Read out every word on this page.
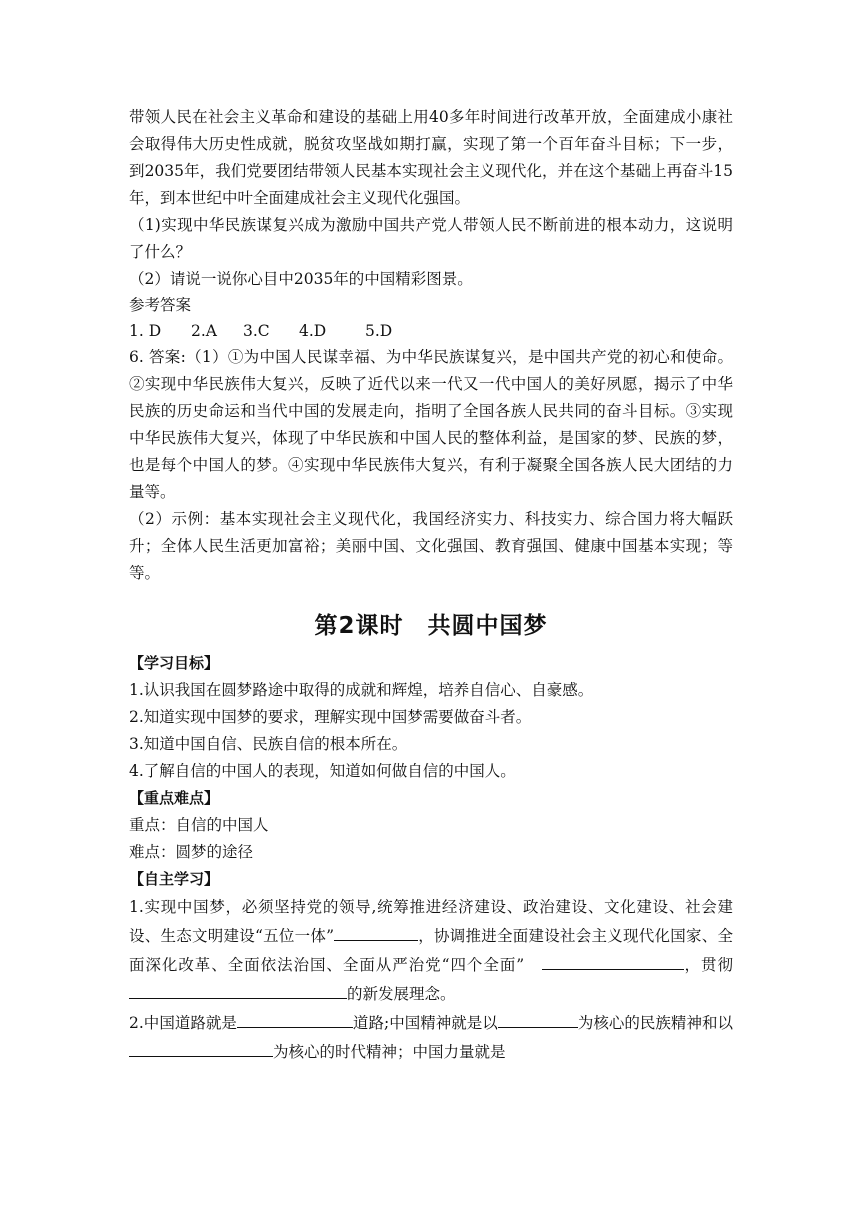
带领人民在社会主义革命和建设的基础上用40多年时间进行改革开放，全面建成小康社会取得伟大历史性成就，脱贫攻坚战如期打赢，实现了第一个百年奋斗目标；下一步，到2035年，我们党要团结带领人民基本实现社会主义现代化，并在这个基础上再奋斗15年，到本世纪中叶全面建成社会主义现代化强国。

（1)实现中华民族谋复兴成为激励中国共产党人带领人民不断前进的根本动力，这说明了什么？

（2）请说一说你心目中2035年的中国精彩图景。

参考答案

1. D 2.A 3.C 4.D	5.D

6. 答案:（1）①为中国人民谋幸福、为中华民族谋复兴，是中国共产党的初心和使命。②实现中华民族伟大复兴，反映了近代以来一代又一代中国人的美好夙愿，揭示了中华民族的历史命运和当代中国的发展走向，指明了全国各族人民共同的奋斗目标。③实现中华民族伟大复兴，体现了中华民族和中国人民的整体利益，是国家的梦、民族的梦，也是每个中国人的梦。④实现中华民族伟大复兴，有利于凝聚全国各族人民大团结的力量等。

（2）示例：基本实现社会主义现代化，我国经济实力、科技实力、综合国力将大幅跃升；全体人民生活更加富裕；美丽中国、文化强国、教育强国、健康中国基本实现；等等。

第2课时　共圆中国梦

【学习目标】

1.认识我国在圆梦路途中取得的成就和辉煌，培养自信心、自豪感。

2.知道实现中国梦的要求，理解实现中国梦需要做奋斗者。

3.知道中国自信、民族自信的根本所在。

4.了解自信的中国人的表现，知道如何做自信的中国人。

【重点难点】

重点：自信的中国人

难点：圆梦的途径

【自主学习】

1.实现中国梦，必须坚持党的领导,统筹推进经济建设、政治建设、文化建设、社会建设、生态文明建设“五位一体”	，协调推进全面建设社会主义现代化国家、全面深化改革、全面依法治国、全面从严治党“四个全面”　	，贯彻的新发展理念。

2.中国道路就是	道路;中国精神就是以	为核心的民族精神和以为核心的时代精神；中国力量就是
